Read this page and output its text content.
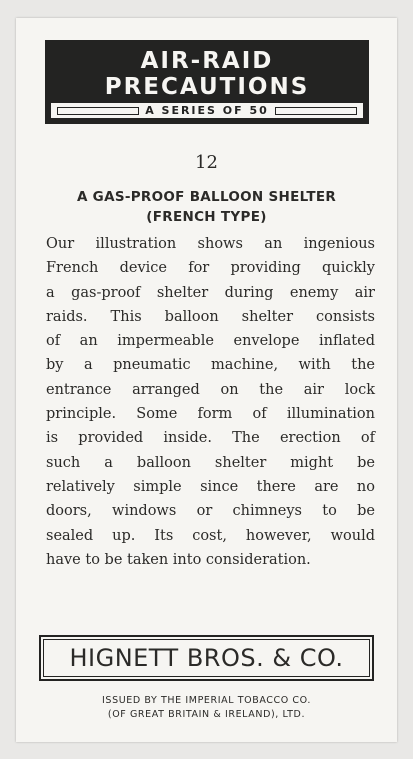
AIR-RAID
PRECAUTIONS
A SERIES OF 50
12
A GAS-PROOF BALLOON SHELTER
(FRENCH TYPE)
Our illustration shows an ingenious
French device for providing quickly
a gas-proof shelter during enemy air
raids. This balloon shelter consists
of an impermeable envelope inflated
by a pneumatic machine, with the
entrance arranged on the air lock
principle. Some form of illumination
is provided inside. The erection of
such a balloon shelter might be
relatively simple since there are no
doors, windows or chimneys to be
sealed up. Its cost, however, would
have to be taken into consideration.
HIGNETT BROS. & CO.
ISSUED BY THE IMPERIAL TOBACCO CO.
(OF GREAT BRITAIN & IRELAND), LTD.
